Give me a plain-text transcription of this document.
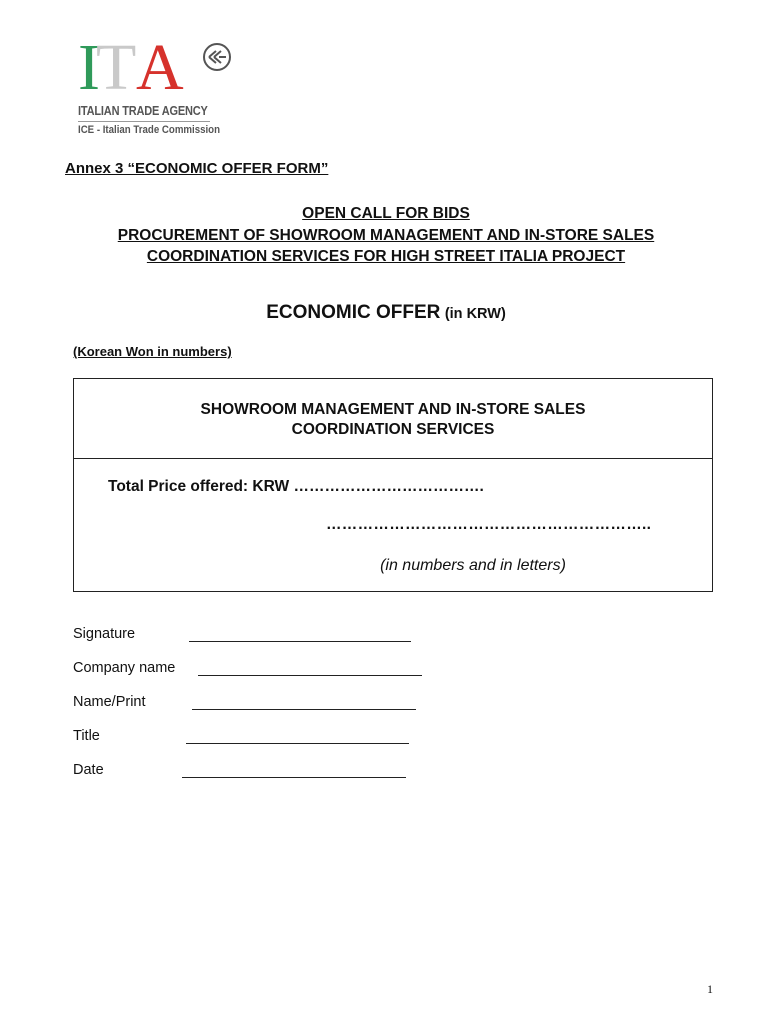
I
T A
ITALIAN TRADE AGENCY
ICE - Italian Trade Commission
Annex 3 “ECONOMIC OFFER FORM”
OPEN CALL FOR BIDS
PROCUREMENT OF SHOWROOM MANAGEMENT AND IN-STORE SALES
COORDINATION SERVICES FOR HIGH STREET ITALIA PROJECT
ECONOMIC OFFER (in KRW)
(Korean Won in numbers)
SHOWROOM MANAGEMENT AND IN-STORE SALES
COORDINATION SERVICES
Total Price offered: KRW ……………………………….
……………………………………………………..
(in numbers and in letters)
Signature
Company name
Name/Print
Title
Date
1
